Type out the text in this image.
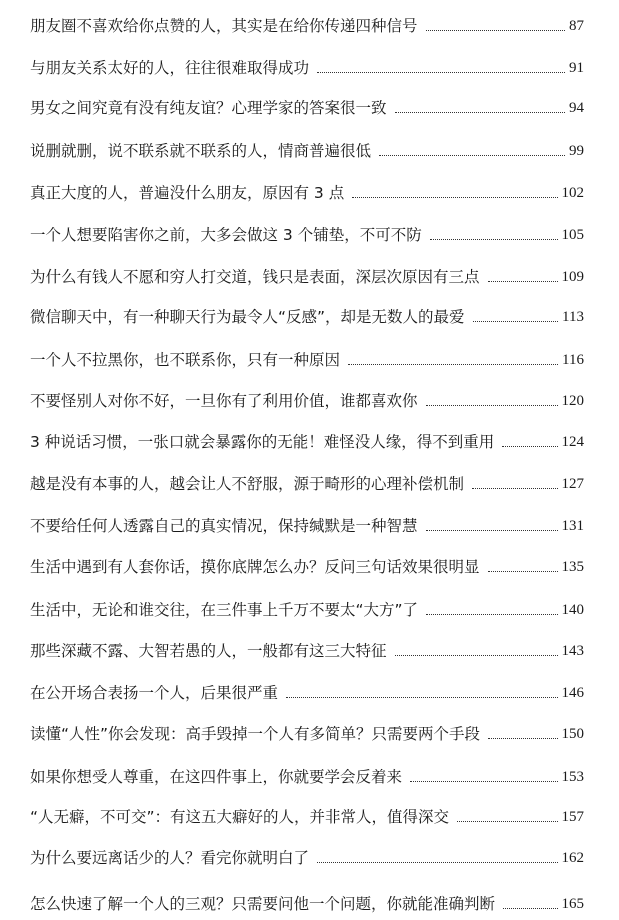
朋友圈不喜欢给你点赞的人，其实是在给你传递四种信号	87
与朋友关系太好的人，往往很难取得成功	91
男女之间究竟有没有纯友谊？心理学家的答案很一致	94
说删就删，说不联系就不联系的人，情商普遍很低	99
真正大度的人，普遍没什么朋友，原因有 3 点	102
一个人想要陷害你之前，大多会做这 3 个铺垫，不可不防	105
为什么有钱人不愿和穷人打交道，钱只是表面，深层次原因有三点	109
微信聊天中，有一种聊天行为最令人“反感”，却是无数人的最爱	113
一个人不拉黑你，也不联系你，只有一种原因	116
不要怪别人对你不好，一旦你有了利用价值，谁都喜欢你	120
3 种说话习惯，一张口就会暴露你的无能！难怪没人缘，得不到重用	124
越是没有本事的人，越会让人不舒服，源于畸形的心理补偿机制	127
不要给任何人透露自己的真实情况，保持缄默是一种智慧	131
生活中遇到有人套你话，摸你底牌怎么办？反问三句话效果很明显	135
生活中，无论和谁交往，在三件事上千万不要太“大方”了	140
那些深藏不露、大智若愚的人，一般都有这三大特征	143
在公开场合表扬一个人，后果很严重	146
读懂“人性”你会发现：高手毁掉一个人有多简单？只需要两个手段	150
如果你想受人尊重，在这四件事上，你就要学会反着来	153
“人无癖，不可交”：有这五大癖好的人，并非常人，值得深交	157
为什么要远离话少的人？看完你就明白了	162
怎么快速了解一个人的三观？只需要问他一个问题，你就能准确判断	165
